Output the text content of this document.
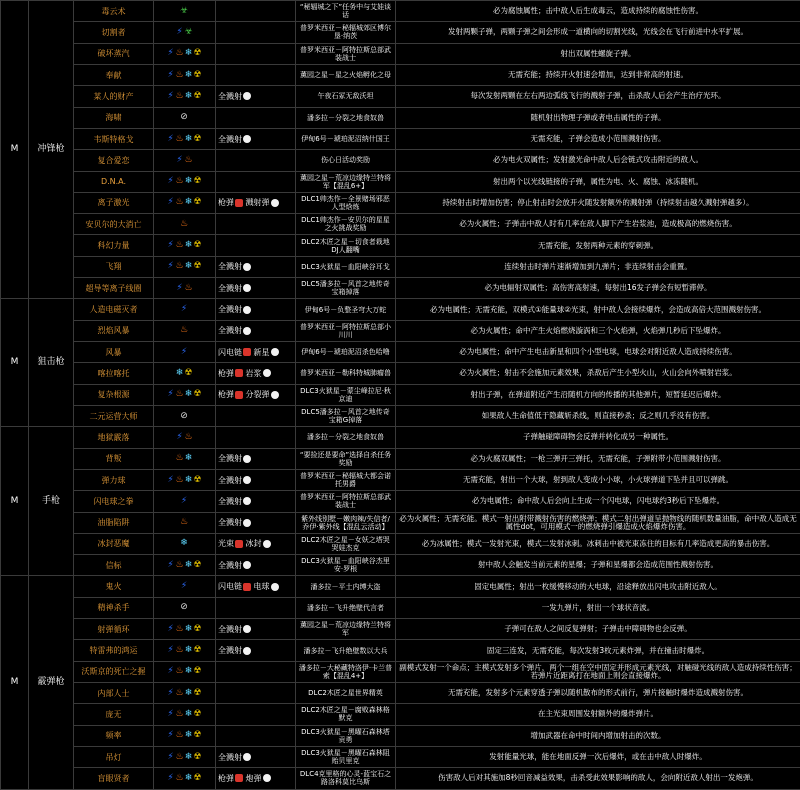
M	冲锋枪	毒云术	☣		“秘辐城之下”任务中与艾娃谈话	必为腐蚀属性；击中敌人后生成毒云，造成持续的腐蚀性伤害。
		切割者	⚡☣		普罗米西亚－秘辐城郊区博尔垦·纳茨	发射两颗子弹，两颗子弹之间会形成一道横向的切割光线，光线会在飞行前进中水平扩展。
		破坏蒸汽	⚡♨❄☢		普罗米西亚－阿特拉斯总部武装战士	射出双属性螺旋子弹。
		奉献	⚡♨❄☢		薰园之星－星之火焰孵化之母	无需充能；持续开火射速会增加，达到非常高的射速。
		某人的财产	⚡♨❄☢	全溅射	午夜石冢无敌沃坦	每次发射两颗在左右两边弧线飞行的溅射子弹，击杀敌人后会产生治疗光环。
		海啸	⊘		潘多拉－分裂之地食奴兽	随机射出物理子弹或者电击属性的子弹。
		韦斯特格戈	⚡♨❄☢	全溅射	伊甸6号－琥珀泥沼纳什国王	无需充能，子弹会造成小范围溅射伤害。
		复合爱恋	⚡♨		伤心日活动奖励	必为电火双属性；发射激光命中敌人后会链式攻击附近的敌人。
		D.N.A.	⚡♨❄☢		薰园之星－荒凉边缘特兰特将军【混乱6+】	射出两个以光线链接的子弹，属性为电、火、腐蚀、冰冻随机。
		离子激光	⚡♨❄☢	枪弹 溅射弹	DLC1帅杰作－全景赌场邪恶人型焓炼	持续射击时增加伤害；停止射击时会放开火随发射额外的溅射弹（持续射击越久溅射弹越多）。
		安贝尔的大消亡	♨		DLC1帅杰作－安贝尔的星星之火挑战奖励	必为火属性；子弹击中敌人时有几率在敌人脚下产生岩浆池，造成极高的燃烧伤害。
		科幻力量	⚡♨❄☢		DLC2木匠之星－切食者栽地DJ人翻嘴	无需充能，发射两种元素的穿刺弹。
		飞翔	⚡♨❄☢	全溅射	DLC3火狱星－血阳峡谷耳戈	连续射击时弹片速渐增加到九弹片；非连续射击会重置。
		超导等离子线圈	⚡♨	全溅射	DLC5潘多拉－风首之地传奇宝箱掉落	必为电辐射双属性；高伤害高射速，每射出16发子弹会有短暂滞停。
M	狙击枪	人造电磁灭者	⚡	全溅射	伊甸6号－负整圣穹大万蛇	必为电属性；无需充能，双模式①能量球②光束，射中敌人会接续爆炸，会造成高倍大范围溅射伤害。
		烈焰风暴	♨	全溅射	普罗米西亚－阿特拉斯总部小川川	必为火属性；命中产生火焰燃烧漩涡和三个火焰弹，火焰弹几秒后下坠爆炸。
		风暴	⚡	闪电链 新星	伊甸6号－琥珀泥沼杀色哈噜	必为电属性；命中产生电击新星和四个小型电球，电球会对附近敌人造成持续伤害。
		喀拉喀托	❄☢	枪弹 岩浆	普罗米西亚－勒科特城肺瘤兽	必为火属性；射击不会施加元素效果，杀敌后产生小型火山，火山会向外喷射岩浆。
		复杂根源	⚡♨❄☢	枪弹 分裂弹	DLC3火狱星－蒙尘峰拉尼·秋京迪	射出子弹，在弹道附近产生沿随机方向的传播的其他弹片，短暂延迟后爆炸。
		二元运营大师	⊘		DLC5潘多拉－风首之地传奇宝箱G掉落	如果敌人生命值低于隐藏斩杀线，则直接秒杀；反之则几乎没有伤害。
M	手枪	地狱霰落	⚡♨		潘多拉－分裂之地食奴兽	子弹触碰障碍物会反弹并转化成另一种属性。
		背叛	♨❄	全溅射	“要捡还是要命”选择自杀任务奖励	必为火腐双属性；一枪三弹开三弹托，无需充能，子弹附带小范围溅射伤害。
		弹力球	⚡♨❄☢	全溅射	普罗米西亚－秘辐城大都会诺托男爵	无需充能，射出一个大球，射到敌人变成小小球，小火球弹道下坠并且可以弹跳。
		闪电球之拳	⚡	全溅射	普罗米西亚－阿特拉斯总部武装战士	必为电属性；命中敌人后会向上生成一个闪电球，闪电球约3秒后下坠爆炸。
		油脂陷阱	♨	全溅射	紫外线别墅－嫩肉辣/失信者/乔伊·紫外线【混乱云活动】	必为火属性；无需充能。模式一射出附带溅射伤害的燃烧弹；模式二射出弹道呈抛物线的随机数量油脂，命中敌人造成无属性dot，可用模式一的燃烧弹引爆造成火焰爆炸伤害。
		冰封恶魔	❄	光束 冰封	DLC2木匠之星－女妖之塔哭哭娃杰克	必为冰属性；模式一发射光束，模式二发射冰刺。冰刺击中被光束冻住的目标有几率造成更高的暴击伤害。
		信标	⚡♨❄☢	全溅射	DLC3火狱星－血阳峡谷杰里安·罗根	射中敌人会触发当前元素的星爆；子弹和星爆都会造成范围性溅射伤害。
M	霰弹枪	鬼火	⚡	闪电链 电球	潘多拉－平土内缚大盗	固定电属性；射出一枚缓慢移动的大电球，沿途释放出闪电攻击附近敌人。
		精神杀手	⊘		潘多拉－飞升绝壁代言者	一发九弹片，射出一个球状音波。
		射弹循环	⚡♨❄☢	全溅射	薰园之星－荒凉边缘特兰特将军	子弹可在敌人之间反复弹射；子弹击中障碍物也会反弹。
		特雷弗的鸿运	⚡♨❄☢	全溅射	潘多拉－飞升绝壁数以大兵	固定三连发，无需充能，每次发射3枚元素炸弹，并在撞击时爆炸。
		沃斯京的死亡之握	⚡♨❄☢		潘多拉－大秘藏特洛伊·卡兰普索【混乱4+】	副模式发射一个命点；主模式发射多个弹片，两个一组在空中固定并形成元素光线，对触碰光线的敌人造成持续性伤害；若弹片近距离打在地面上则会直接爆炸。
		内部人士	⚡♨❄☢		DLC2木匠之星世界精英	无需充能，发射多个元素穿透子弹以随机散布的形式前行，弹片接触时爆炸造成溅射伤害。
		庞无	⚡♨❄☢		DLC2木匠之星－腐败森林格默克	在主光束周围发射额外的爆炸弹片。
		频率	⚡♨❄☢		DLC3火狱星－黑曜石森林塔贡勇	增加武器在命中时间内增加射击的次数。
		吊灯	⚡♨❄☢	全溅射	DLC3火狱星－黑曜石森林阻贻贝里克	发射能量光球，能在地面反弹一次后爆炸，或在击中敌人时爆炸。
		盲眼贤者	⚡♨❄☢	枪弹 炮弹	DLC4克里格的心灵-蓝宝石之路洛科莫比乌斯	伤害敌人后对其施加8秒回音减益效果，击杀受此效果影响的敌人，会向附近敌人射出一发炮弹。
